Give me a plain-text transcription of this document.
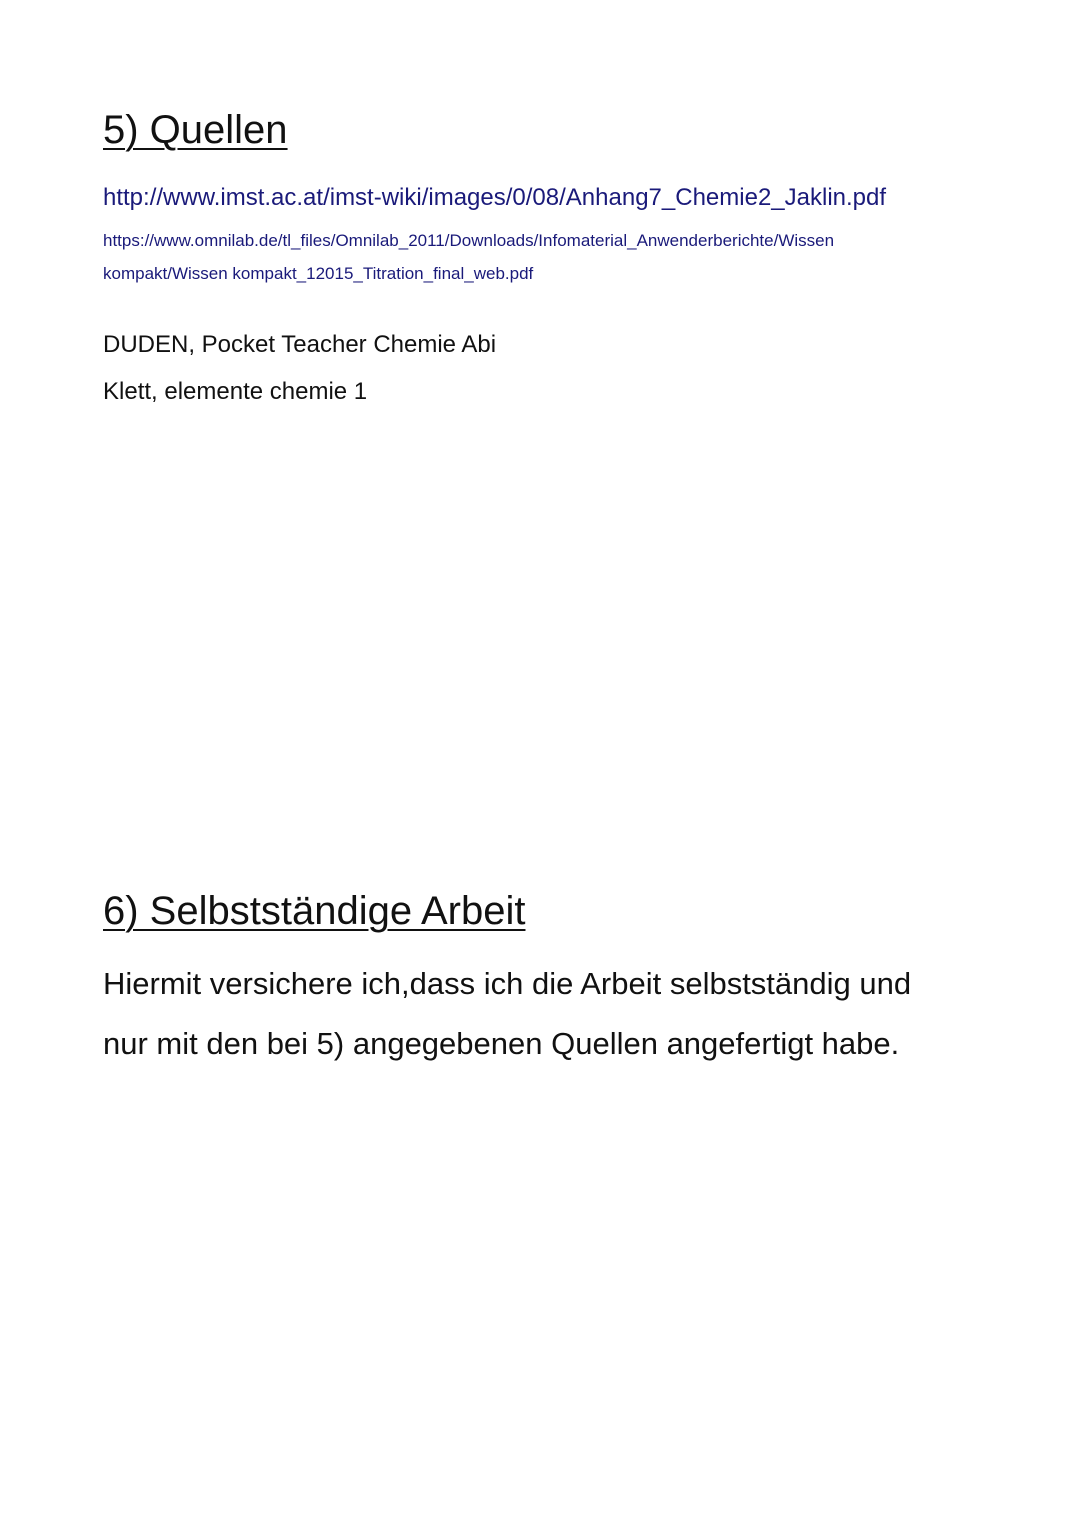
5) Quellen
http://www.imst.ac.at/imst-wiki/images/0/08/Anhang7_Chemie2_Jaklin.pdf
https://www.omnilab.de/tl_files/Omnilab_2011/Downloads/Infomaterial_Anwenderberichte/Wissen
kompakt/Wissen kompakt_12015_Titration_final_web.pdf

DUDEN, Pocket Teacher Chemie Abi

Klett, elemente chemie 1

6) Selbstständige Arbeit

Hiermit versichere ich,dass ich die Arbeit selbstständig und

nur mit den bei 5) angegebenen Quellen angefertigt habe.
